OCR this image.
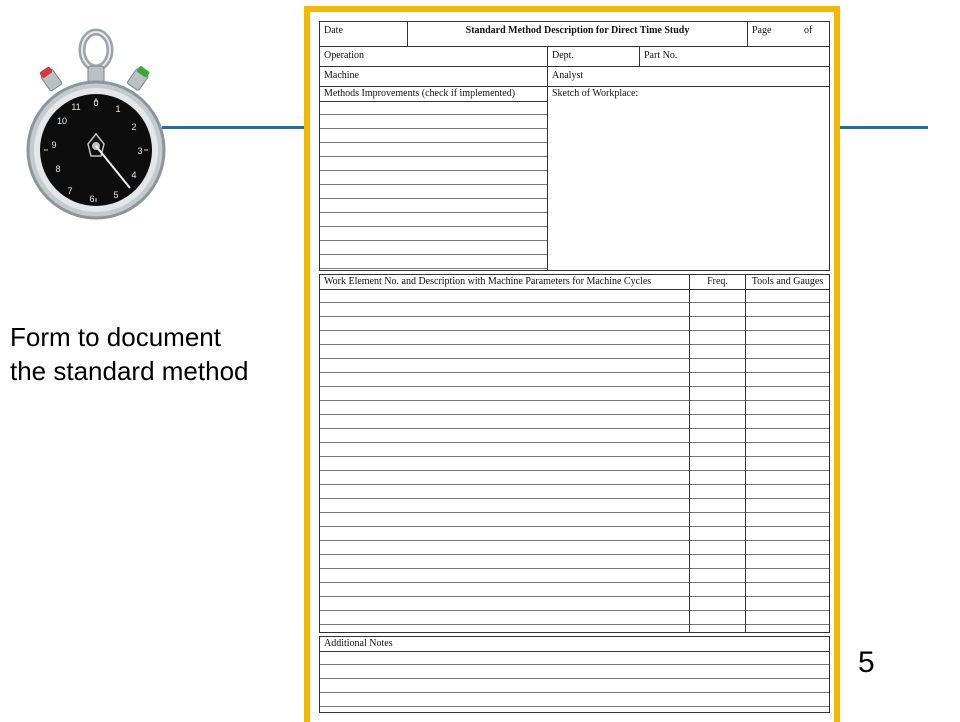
0
1
2
3
4
5
6
7
8
9
10
11
Form to document
the standard method
5
Date	Standard Method Description for Direct Time Study	Page	of
Operation	Dept.	Part No.
Machine	Analyst
Methods Improvements (check if implemented)	Sketch of Workplace:
Work Element No. and Description with Machine Parameters for Machine Cycles	Freq.	Tools and Gauges
Additional Notes
